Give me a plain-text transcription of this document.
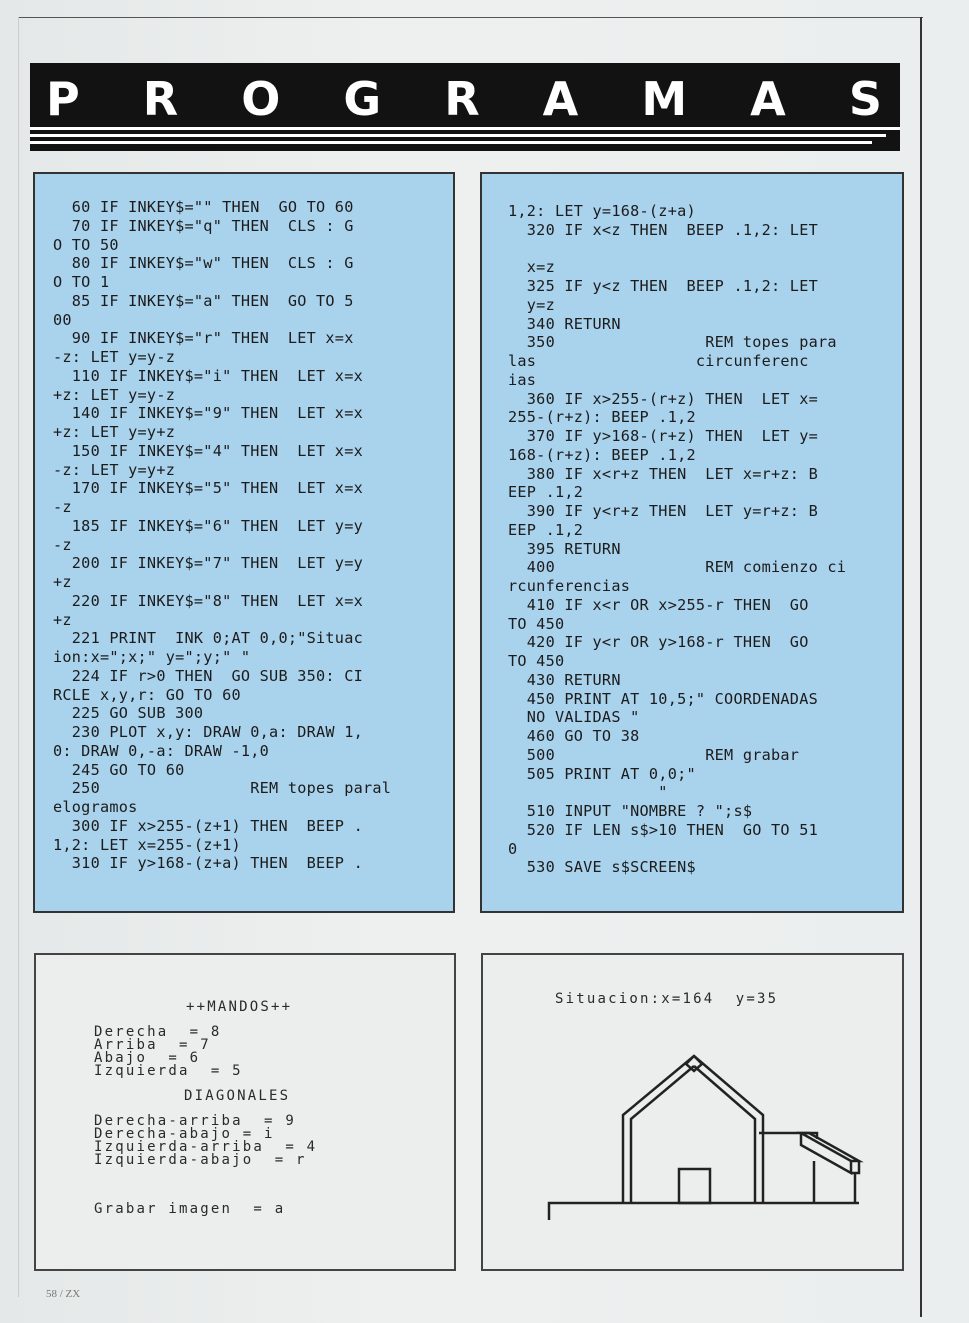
P R O G R A M A S
60 IF INKEY$="" THEN  GO TO 60
70 IF INKEY$="q" THEN  CLS : G
O TO 50
80 IF INKEY$="w" THEN  CLS : G
O TO 1
85 IF INKEY$="a" THEN  GO TO 5
00
90 IF INKEY$="r" THEN  LET x=x
-z: LET y=y-z
110 IF INKEY$="i" THEN  LET x=x
+z: LET y=y-z
140 IF INKEY$="9" THEN  LET x=x
+z: LET y=y+z
150 IF INKEY$="4" THEN  LET x=x
-z: LET y=y+z
170 IF INKEY$="5" THEN  LET x=x
-z
185 IF INKEY$="6" THEN  LET y=y
-z
200 IF INKEY$="7" THEN  LET y=y
+z
220 IF INKEY$="8" THEN  LET x=x
+z
221 PRINT  INK 0;AT 0,0;"Situac
ion:x=";x;" y=";y;" "
224 IF r>0 THEN  GO SUB 350: CI
RCLE x,y,r: GO TO 60
225 GO SUB 300
230 PLOT x,y: DRAW 0,a: DRAW 1,
0: DRAW 0,-a: DRAW -1,0
245 GO TO 60
250                REM topes paral
elogramos
300 IF x>255-(z+1) THEN  BEEP .
1,2: LET x=255-(z+1)
310 IF y>168-(z+a) THEN  BEEP .

1,2: LET y=168-(z+a)
320 IF x<z THEN  BEEP .1,2: LET

x=z
325 IF y<z THEN  BEEP .1,2: LET
y=z
340 RETURN
350                REM topes para
las                 circunferenc
ias
360 IF x>255-(r+z) THEN  LET x=
255-(r+z): BEEP .1,2
370 IF y>168-(r+z) THEN  LET y=
168-(r+z): BEEP .1,2
380 IF x<r+z THEN  LET x=r+z: B
EEP .1,2
390 IF y<r+z THEN  LET y=r+z: B
EEP .1,2
395 RETURN
400                REM comienzo ci
rcunferencias
410 IF x<r OR x>255-r THEN  GO
TO 450
420 IF y<r OR y>168-r THEN  GO
TO 450
430 RETURN
450 PRINT AT 10,5;" COORDENADAS
NO VALIDAS "
460 GO TO 38
500                REM grabar
505 PRINT AT 0,0;"
"
510 INPUT "NOMBRE ? ";s$
520 IF LEN s$>10 THEN  GO TO 51
0
530 SAVE s$SCREEN$

++MANDOS++
Derecha  = 8
Arriba  = 7
Abajo  = 6
Izquierda  = 5
DIAGONALES
Derecha-arriba  = 9
Derecha-abajo = i
Izquierda-arriba  = 4
Izquierda-abajo  = r
Grabar imagen  = a
Situacion:x=164  y=35
58 / ZX
